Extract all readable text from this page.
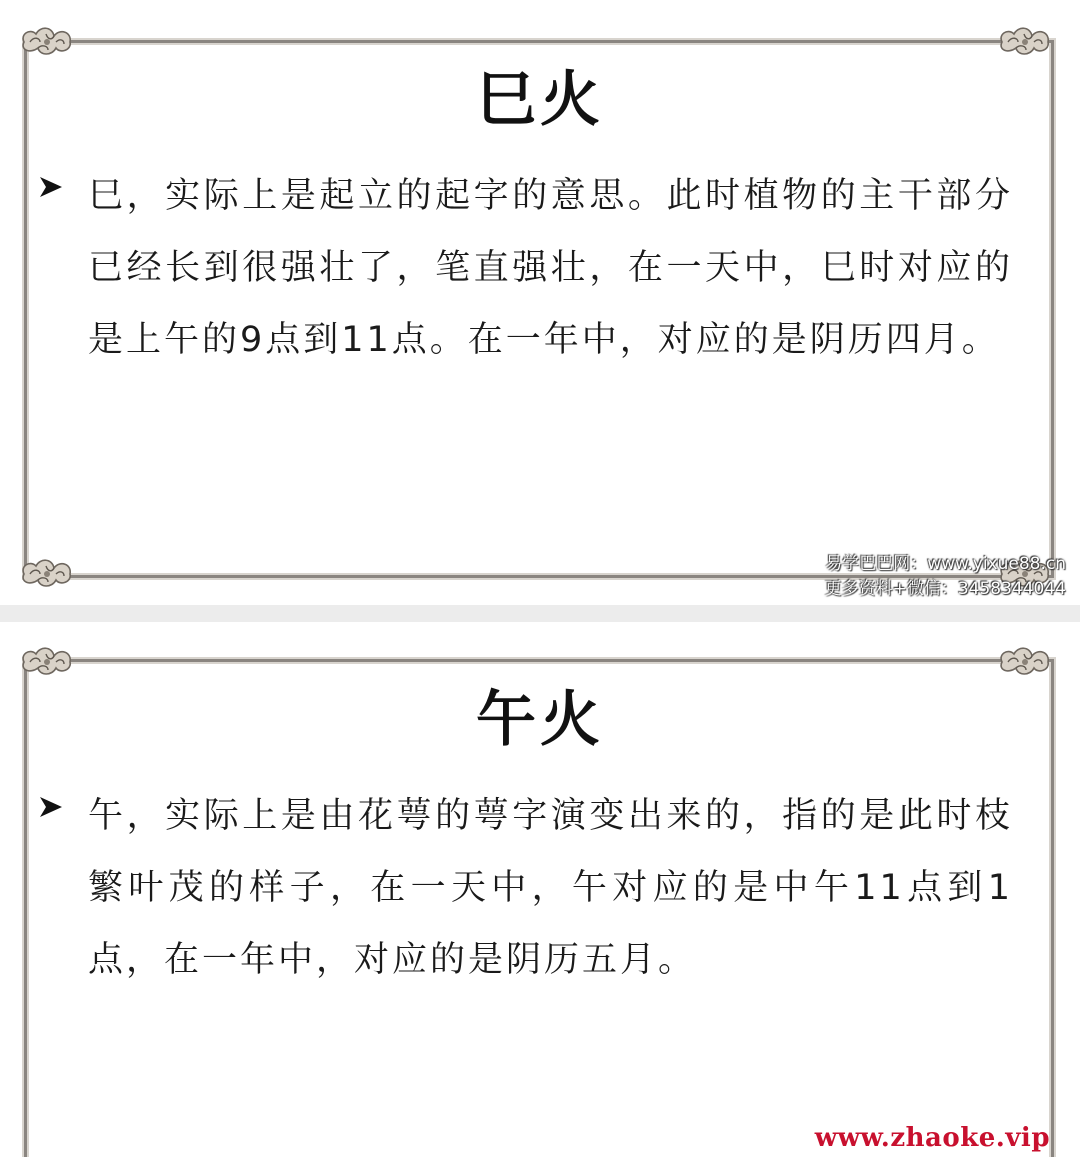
巳火
易学巴巴网：www.yixue88.cn
更多资料+微信：3458344044
巳，实际上是起立的起字的意思。此时植物的主干部分 已经长到很强壮了，笔直强壮，在一天中，巳时对应的是上午的9点到11点。在一年中，对应的是阴历四月。
午火
午，实际上是由花萼的萼字演变出来的，指的是此时枝繁叶茂的样子，在一天中，午对应的是中午11点到1点，在一年中，对应的是阴历五月。
www.zhaoke.vip
